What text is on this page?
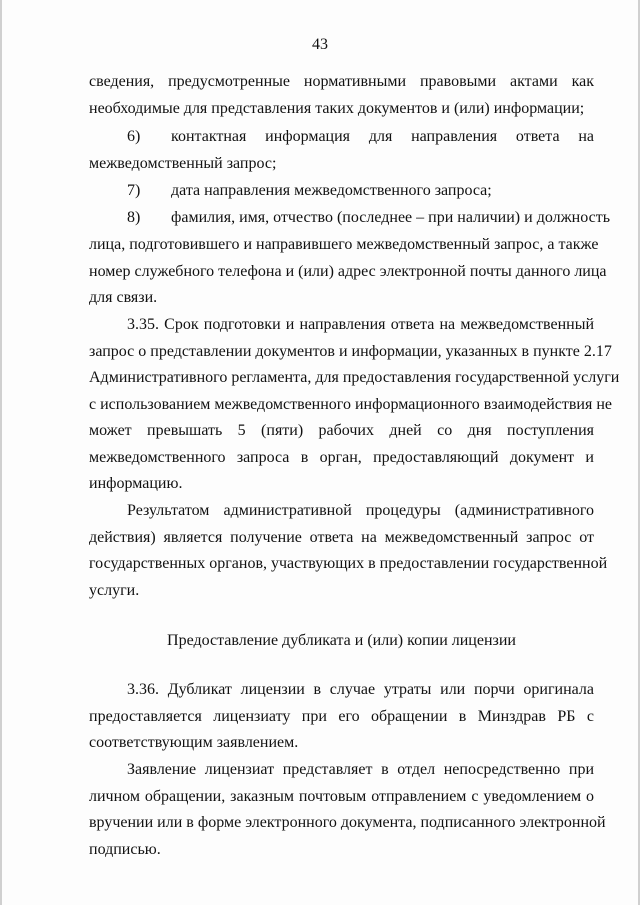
43
сведения, предусмотренные нормативными правовыми актами как
необходимые для представления таких документов и (или) информации;
6) контактная информация для направления ответа на
межведомственный запрос;
7) дата направления межведомственного запроса;
8) фамилия, имя, отчество (последнее – при наличии) и должность
лица, подготовившего и направившего межведомственный запрос, а также
номер служебного телефона и (или) адрес электронной почты данного лица
для связи.
3.35. Срок подготовки и направления ответа на межведомственный
запрос о представлении документов и информации, указанных в пункте 2.17
Административного регламента, для предоставления государственной услуги
с использованием межведомственного информационного взаимодействия не
может превышать 5 (пяти) рабочих дней со дня поступления
межведомственного запроса в орган, предоставляющий документ и
информацию.
Результатом административной процедуры (административного
действия) является получение ответа на межведомственный запрос от
государственных органов, участвующих в предоставлении государственной
услуги.
Предоставление дубликата и (или) копии лицензии
3.36. Дубликат лицензии в случае утраты или порчи оригинала
предоставляется лицензиату при его обращении в Минздрав РБ с
соответствующим заявлением.
Заявление лицензиат представляет в отдел непосредственно при
личном обращении, заказным почтовым отправлением с уведомлением о
вручении или в форме электронного документа, подписанного электронной
подписью.
